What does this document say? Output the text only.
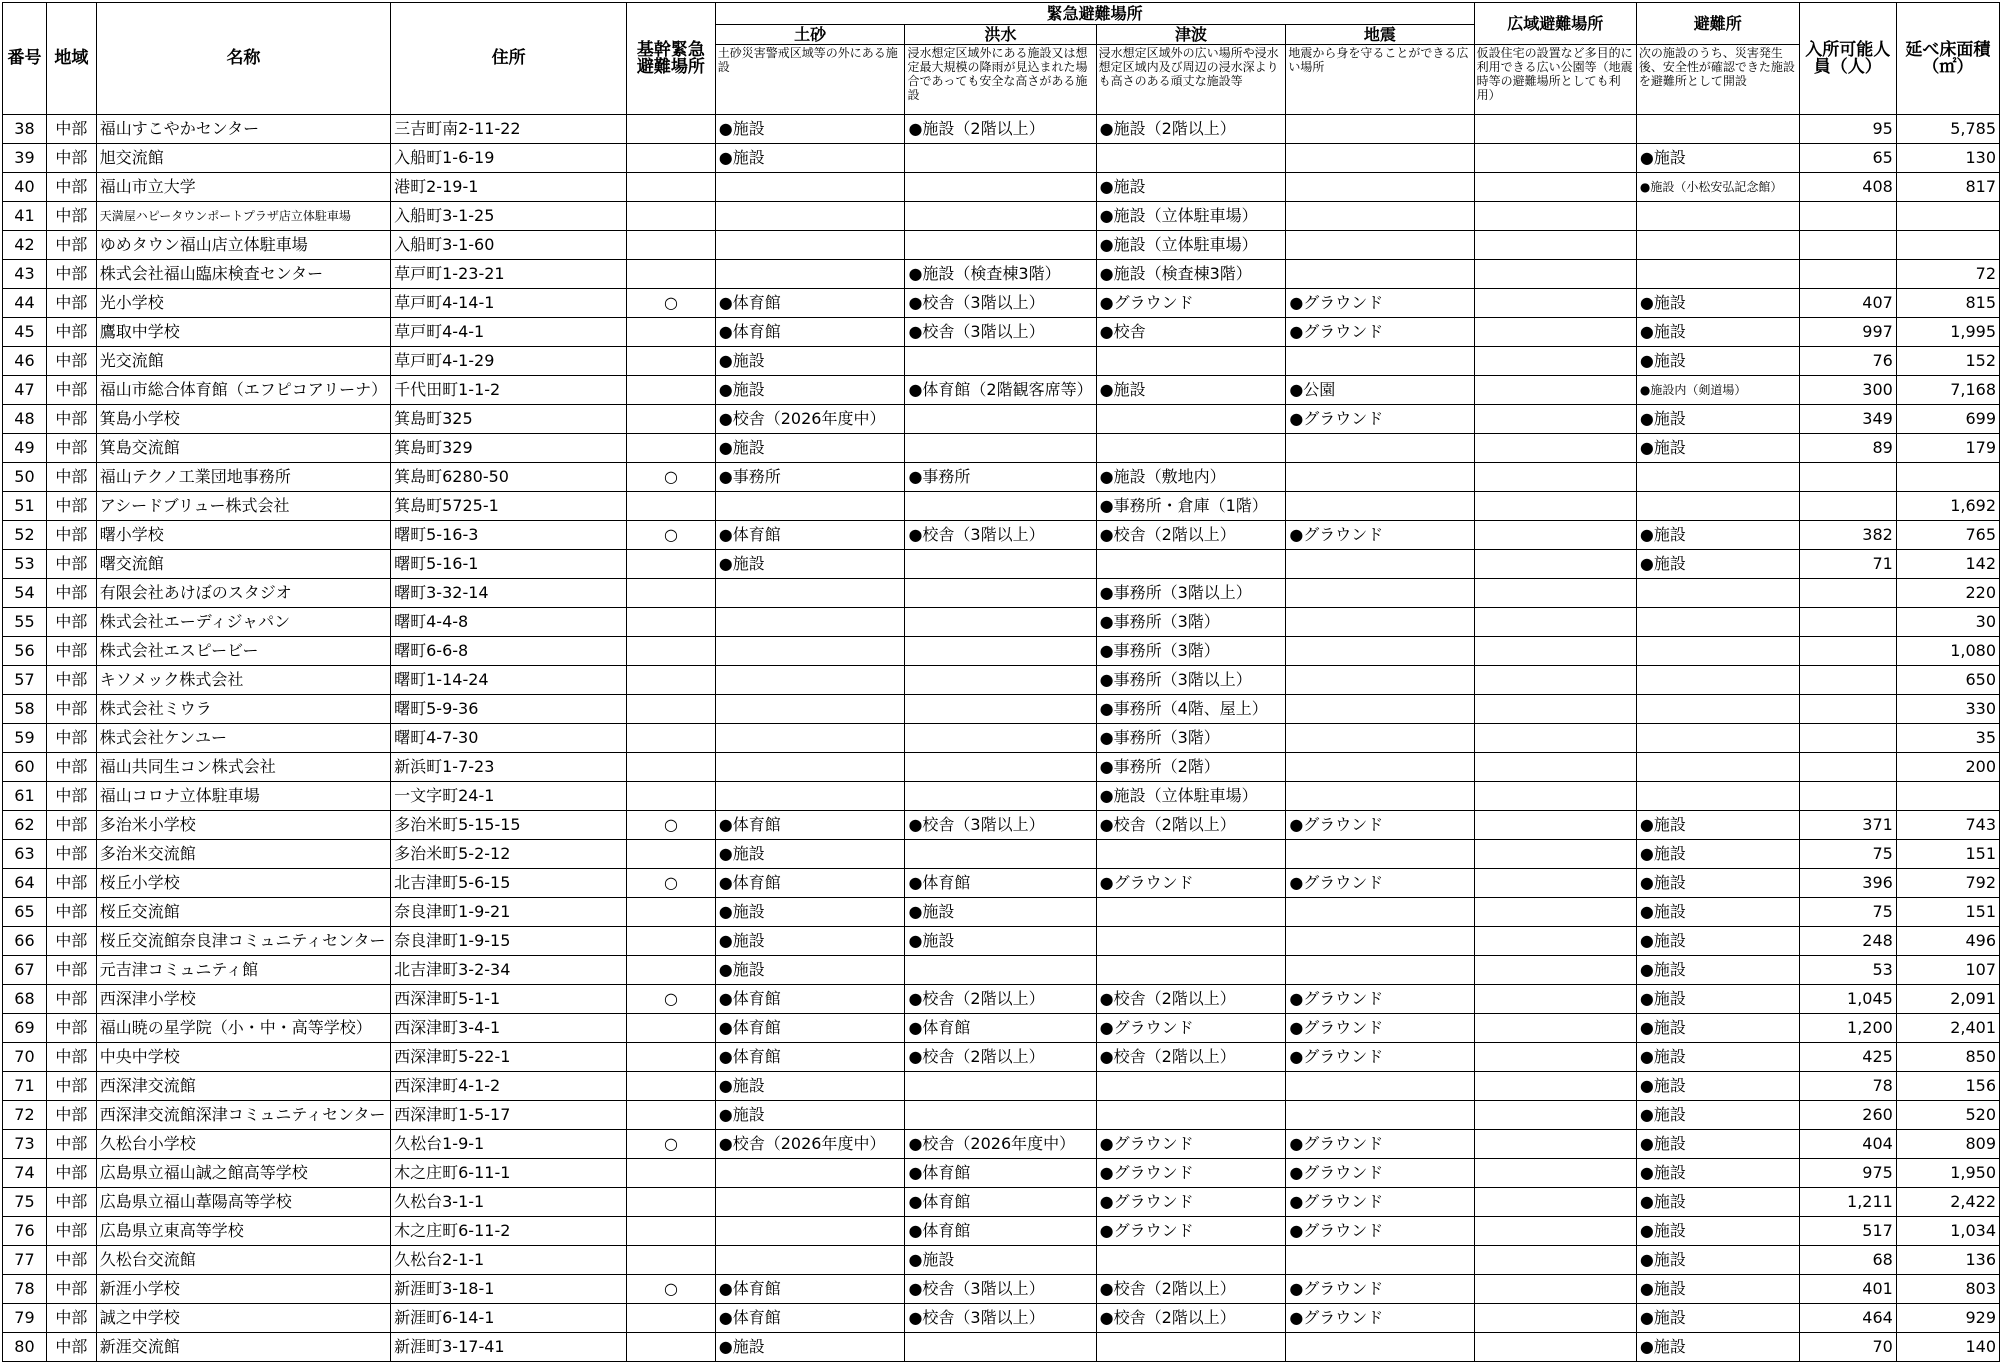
番号	地域	名称	住所	基幹緊急避難場所	緊急避難場所				広域避難場所	避難所	入所可能人員（人）	延べ床面積（㎡）
					土砂	洪水	津波	地震				
					土砂災害警戒区域等の外にある施設	浸水想定区域外にある施設又は想定最大規模の降雨が見込まれた場合であっても安全な高さがある施設	浸水想定区域外の広い場所や浸水想定区域内及び周辺の浸水深よりも高さのある頑丈な施設等	地震から身を守ることができる広い場所	仮設住宅の設置など多目的に利用できる広い公園等（地震時等の避難場所としても利用）	次の施設のうち、災害発生後、安全性が確認できた施設を避難所として開設		
38	中部	福山すこやかセンター	三吉町南2-11-22		●施設	●施設（2階以上）	●施設（2階以上）				95	5,785
39	中部	旭交流館	入船町1-6-19		●施設					●施設	65	130
40	中部	福山市立大学	港町2-19-1				●施設			●施設（小松安弘記念館）	408	817
41	中部	天満屋ハピータウンポートプラザ店立体駐車場	入船町3-1-25				●施設（立体駐車場）					
42	中部	ゆめタウン福山店立体駐車場	入船町3-1-60				●施設（立体駐車場）					
43	中部	株式会社福山臨床検査センター	草戸町1-23-21			●施設（検査棟3階）	●施設（検査棟3階）					72
44	中部	光小学校	草戸町4-14-1	○	●体育館	●校舎（3階以上）	●グラウンド	●グラウンド		●施設	407	815
45	中部	鷹取中学校	草戸町4-4-1		●体育館	●校舎（3階以上）	●校舎	●グラウンド		●施設	997	1,995
46	中部	光交流館	草戸町4-1-29		●施設					●施設	76	152
47	中部	福山市総合体育館（エフピコアリーナ）	千代田町1-1-2		●施設	●体育館（2階観客席等）	●施設	●公園		●施設内（剣道場）	300	7,168
48	中部	箕島小学校	箕島町325		●校舎（2026年度中）			●グラウンド		●施設	349	699
49	中部	箕島交流館	箕島町329		●施設					●施設	89	179
50	中部	福山テクノ工業団地事務所	箕島町6280-50	○	●事務所	●事務所	●施設（敷地内）					
51	中部	アシードブリュー株式会社	箕島町5725-1				●事務所・倉庫（1階）					1,692
52	中部	曙小学校	曙町5-16-3	○	●体育館	●校舎（3階以上）	●校舎（2階以上）	●グラウンド		●施設	382	765
53	中部	曙交流館	曙町5-16-1		●施設					●施設	71	142
54	中部	有限会社あけぼのスタジオ	曙町3-32-14				●事務所（3階以上）					220
55	中部	株式会社エーディジャパン	曙町4-4-8				●事務所（3階）					30
56	中部	株式会社エスピービー	曙町6-6-8				●事務所（3階）					1,080
57	中部	キソメック株式会社	曙町1-14-24				●事務所（3階以上）					650
58	中部	株式会社ミウラ	曙町5-9-36				●事務所（4階、屋上）					330
59	中部	株式会社ケンユー	曙町4-7-30				●事務所（3階）					35
60	中部	福山共同生コン株式会社	新浜町1-7-23				●事務所（2階）					200
61	中部	福山コロナ立体駐車場	一文字町24-1				●施設（立体駐車場）					
62	中部	多治米小学校	多治米町5-15-15	○	●体育館	●校舎（3階以上）	●校舎（2階以上）	●グラウンド		●施設	371	743
63	中部	多治米交流館	多治米町5-2-12		●施設					●施設	75	151
64	中部	桜丘小学校	北吉津町5-6-15	○	●体育館	●体育館	●グラウンド	●グラウンド		●施設	396	792
65	中部	桜丘交流館	奈良津町1-9-21		●施設	●施設				●施設	75	151
66	中部	桜丘交流館奈良津コミュニティセンター	奈良津町1-9-15		●施設	●施設				●施設	248	496
67	中部	元吉津コミュニティ館	北吉津町3-2-34		●施設					●施設	53	107
68	中部	西深津小学校	西深津町5-1-1	○	●体育館	●校舎（2階以上）	●校舎（2階以上）	●グラウンド		●施設	1,045	2,091
69	中部	福山暁の星学院（小・中・高等学校）	西深津町3-4-1		●体育館	●体育館	●グラウンド	●グラウンド		●施設	1,200	2,401
70	中部	中央中学校	西深津町5-22-1		●体育館	●校舎（2階以上）	●校舎（2階以上）	●グラウンド		●施設	425	850
71	中部	西深津交流館	西深津町4-1-2		●施設					●施設	78	156
72	中部	西深津交流館深津コミュニティセンター	西深津町1-5-17		●施設					●施設	260	520
73	中部	久松台小学校	久松台1-9-1	○	●校舎（2026年度中）	●校舎（2026年度中）	●グラウンド	●グラウンド		●施設	404	809
74	中部	広島県立福山誠之館高等学校	木之庄町6-11-1			●体育館	●グラウンド	●グラウンド		●施設	975	1,950
75	中部	広島県立福山葦陽高等学校	久松台3-1-1			●体育館	●グラウンド	●グラウンド		●施設	1,211	2,422
76	中部	広島県立東高等学校	木之庄町6-11-2			●体育館	●グラウンド	●グラウンド		●施設	517	1,034
77	中部	久松台交流館	久松台2-1-1			●施設				●施設	68	136
78	中部	新涯小学校	新涯町3-18-1	○	●体育館	●校舎（3階以上）	●校舎（2階以上）	●グラウンド		●施設	401	803
79	中部	誠之中学校	新涯町6-14-1		●体育館	●校舎（3階以上）	●校舎（2階以上）	●グラウンド		●施設	464	929
80	中部	新涯交流館	新涯町3-17-41		●施設					●施設	70	140
